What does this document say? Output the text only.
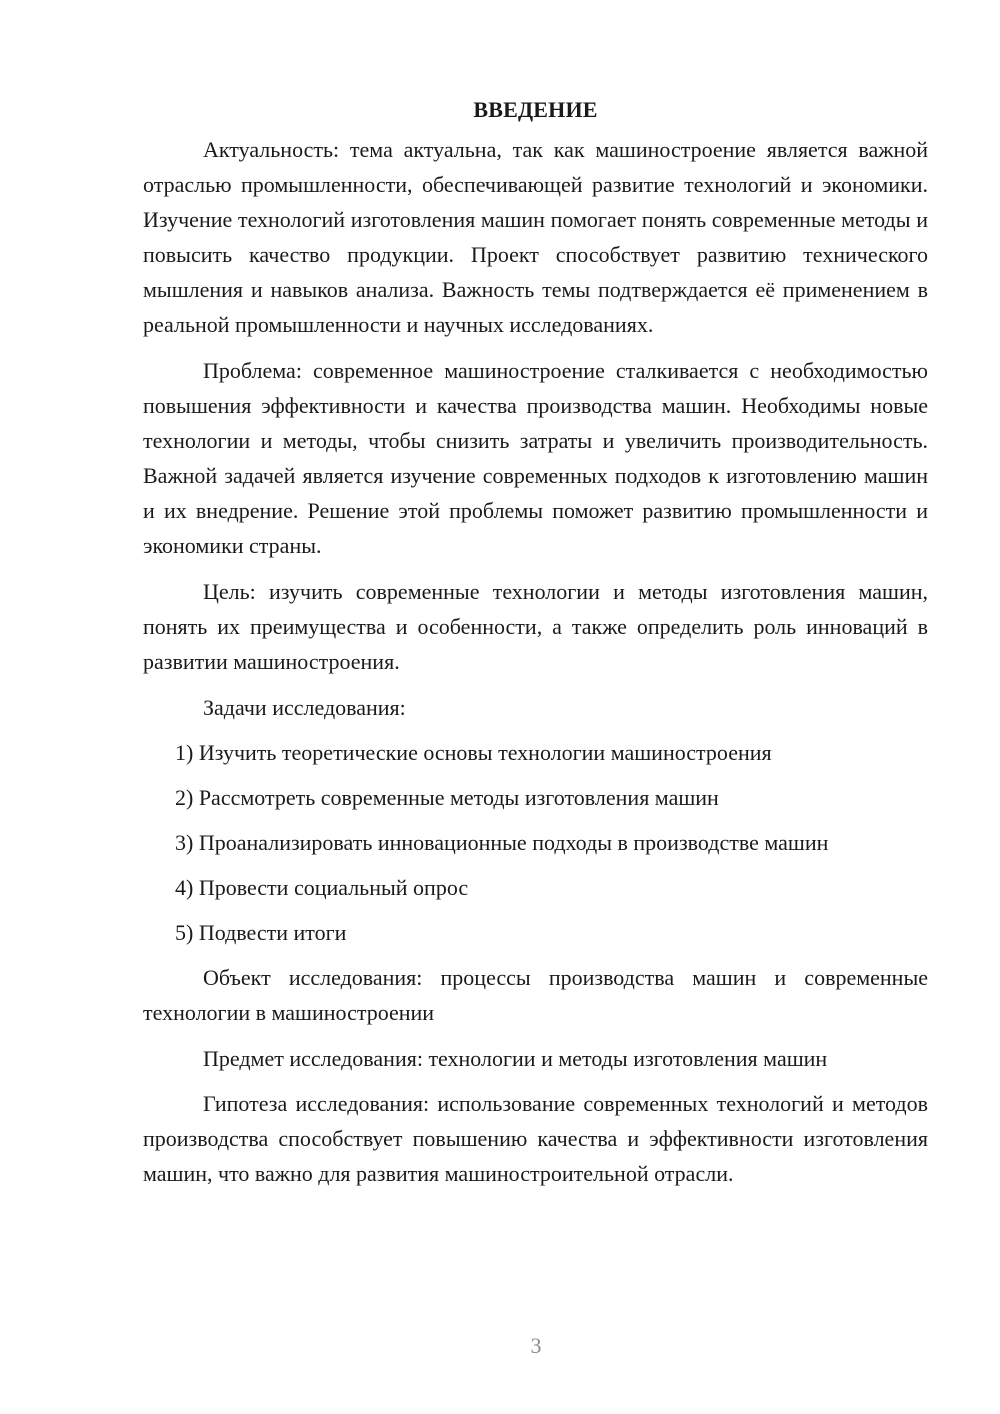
ВВЕДЕНИЕ

Актуальность: тема актуальна, так как машиностроение является важной отраслью промышленности, обеспечивающей развитие технологий и экономики. Изучение технологий изготовления машин помогает понять современные методы и повысить качество продукции. Проект способствует развитию технического мышления и навыков анализа. Важность темы подтверждается её применением в реальной промышленности и научных исследованиях.

Проблема: современное машиностроение сталкивается с необходимостью повышения эффективности и качества производства машин. Необходимы новые технологии и методы, чтобы снизить затраты и увеличить производительность. Важной задачей является изучение современных подходов к изготовлению машин и их внедрение. Решение этой проблемы поможет развитию промышленности и экономики страны.

Цель: изучить современные технологии и методы изготовления машин, понять их преимущества и особенности, а также определить роль инноваций в развитии машиностроения.

Задачи исследования:

1) Изучить теоретические основы технологии машиностроения
2) Рассмотреть современные методы изготовления машин
3) Проанализировать инновационные подходы в производстве машин
4) Провести социальный опрос
5) Подвести итоги

Объект исследования: процессы производства машин и современные технологии в машиностроении

Предмет исследования: технологии и методы изготовления машин

Гипотеза исследования: использование современных технологий и методов производства способствует повышению качества и эффективности изготовления машин, что важно для развития машиностроительной отрасли.

3
